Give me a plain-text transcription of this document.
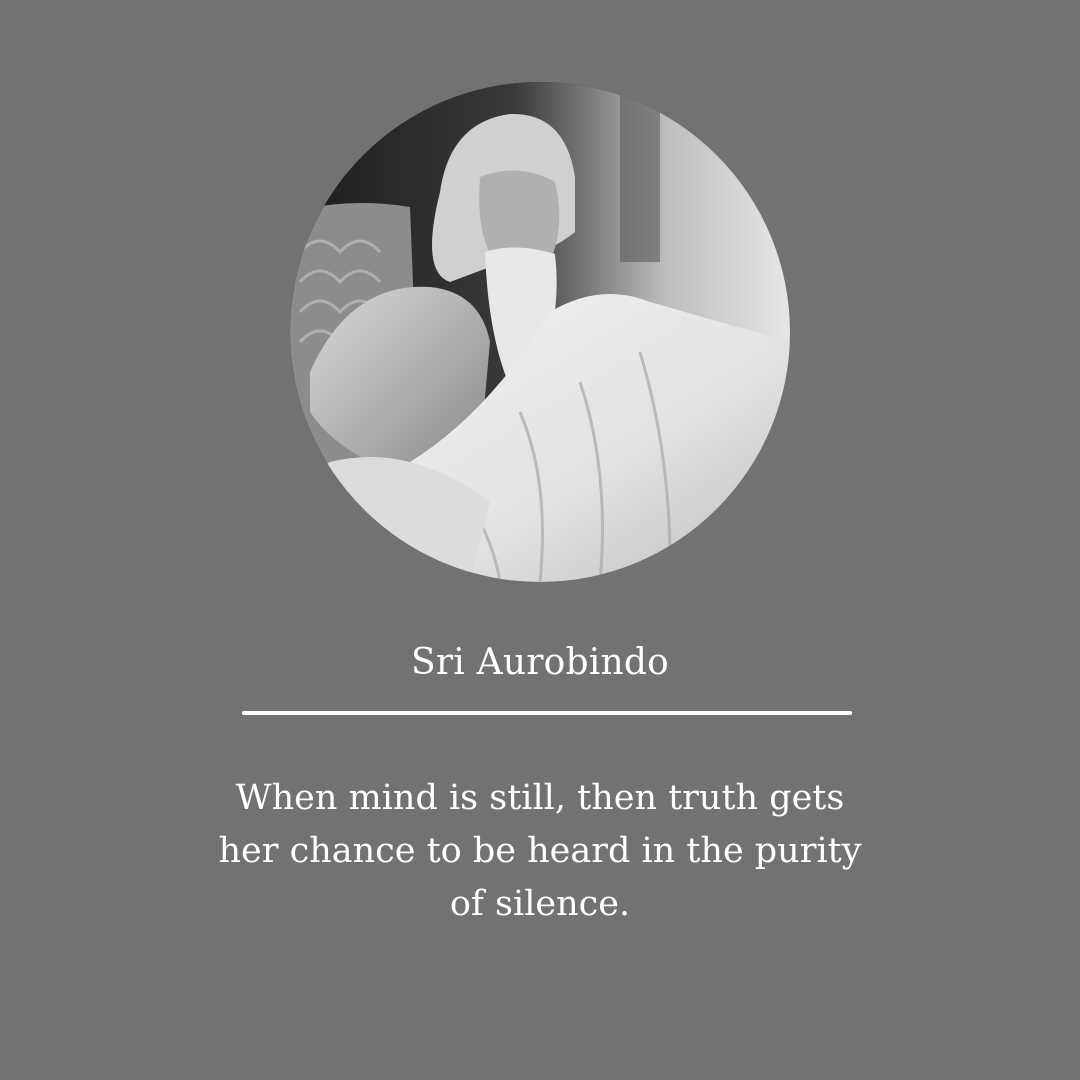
Sri Aurobindo
When mind is still, then truth gets her chance to be heard in the purity of silence.
